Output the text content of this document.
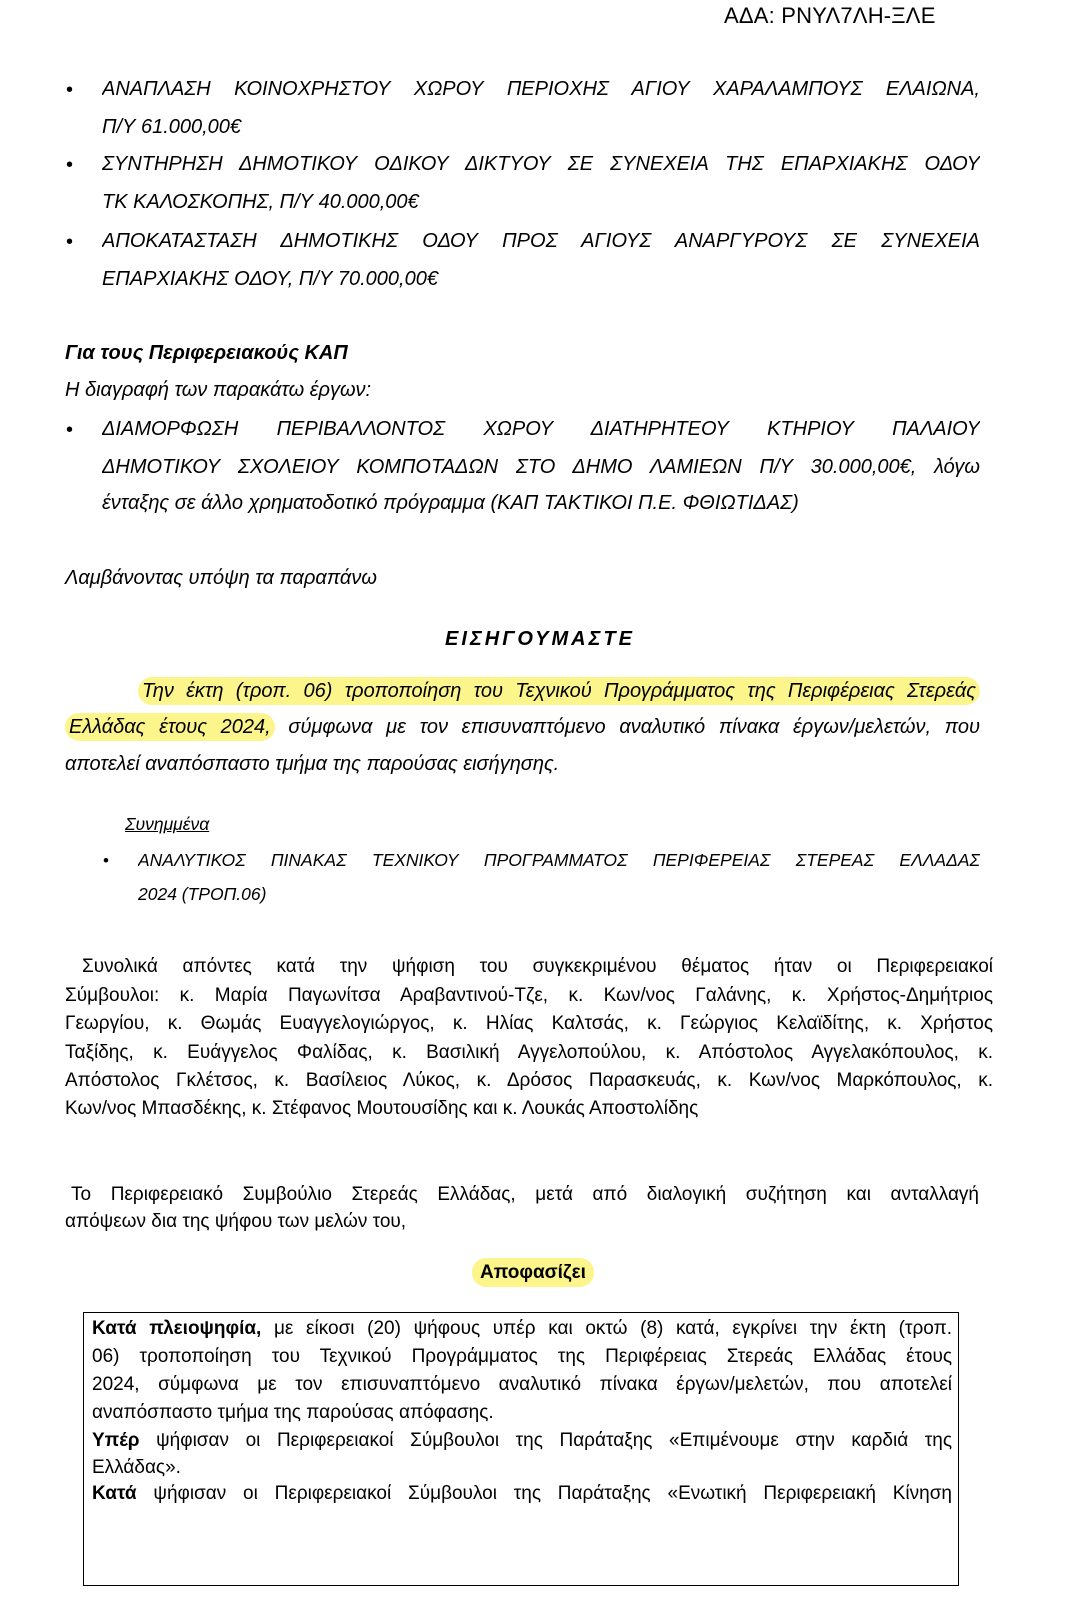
ΑΔΑ: ΡΝΥΛ7ΛΗ-ΞΛΕ
• ΑΝΑΠΛΑΣΗ ΚΟΙΝΟΧΡΗΣΤΟΥ ΧΩΡΟΥ ΠΕΡΙΟΧΗΣ ΑΓΙΟΥ ΧΑΡΑΛΑΜΠΟΥΣ ΕΛΑΙΩΝΑ,
Π/Υ 61.000,00€
• ΣΥΝΤΗΡΗΣΗ ΔΗΜΟΤΙΚΟΥ ΟΔΙΚΟΥ ΔΙΚΤΥΟΥ ΣΕ ΣΥΝΕΧΕΙΑ ΤΗΣ ΕΠΑΡΧΙΑΚΗΣ ΟΔΟΥ
ΤΚ ΚΑΛΟΣΚΟΠΗΣ, Π/Υ 40.000,00€
• ΑΠΟΚΑΤΑΣΤΑΣΗ ΔΗΜΟΤΙΚΗΣ ΟΔΟΥ ΠΡΟΣ ΑΓΙΟΥΣ ΑΝΑΡΓΥΡΟΥΣ ΣΕ ΣΥΝΕΧΕΙΑ
ΕΠΑΡΧΙΑΚΗΣ ΟΔΟΥ, Π/Υ 70.000,00€
Για τους Περιφερειακούς ΚΑΠ
Η διαγραφή των παρακάτω έργων:
• ΔΙΑΜΟΡΦΩΣΗ ΠΕΡΙΒΑΛΛΟΝΤΟΣ ΧΩΡΟΥ ΔΙΑΤΗΡΗΤΕΟΥ ΚΤΗΡΙΟΥ ΠΑΛΑΙΟΥ
ΔΗΜΟΤΙΚΟΥ ΣΧΟΛΕΙΟΥ ΚΟΜΠΟΤΑΔΩΝ ΣΤΟ ΔΗΜΟ ΛΑΜΙΕΩΝ Π/Υ 30.000,00€, λόγω
ένταξης σε άλλο χρηματοδοτικό πρόγραμμα (ΚΑΠ ΤΑΚΤΙΚΟΙ Π.Ε. ΦΘΙΩΤΙΔΑΣ)
Λαμβάνοντας υπόψη τα παραπάνω
ΕΙΣΗΓΟΥΜΑΣΤΕ
Την έκτη (τροπ. 06) τροποποίηση του Τεχνικού Προγράμματος της Περιφέρειας Στερεάς
Ελλάδας έτους 2024, σύμφωνα με τον επισυναπτόμενο αναλυτικό πίνακα έργων/μελετών, που
αποτελεί αναπόσπαστο τμήμα της παρούσας εισήγησης.
Συνημμένα
• ΑΝΑΛΥΤΙΚΟΣ ΠΙΝΑΚΑΣ ΤΕΧΝΙΚΟΥ ΠΡΟΓΡΑΜΜΑΤΟΣ ΠΕΡΙΦΕΡΕΙΑΣ ΣΤΕΡΕΑΣ ΕΛΛΑΔΑΣ
2024 (ΤΡΟΠ.06)
Συνολικά απόντες κατά την ψήφιση του συγκεκριμένου θέματος ήταν οι Περιφερειακοί
Σύμβουλοι: κ. Μαρία Παγωνίτσα Αραβαντινού-Τζε, κ. Κων/νος Γαλάνης, κ. Χρήστος-Δημήτριος
Γεωργίου, κ. Θωμάς Ευαγγελογιώργος, κ. Ηλίας Καλτσάς, κ. Γεώργιος Κελαϊδίτης, κ. Χρήστος
Ταξίδης, κ. Ευάγγελος Φαλίδας, κ. Βασιλική Αγγελοπούλου, κ. Απόστολος Αγγελακόπουλος, κ.
Απόστολος Γκλέτσος, κ. Βασίλειος Λύκος, κ. Δρόσος Παρασκευάς, κ. Κων/νος Μαρκόπουλος, κ.
Κων/νος Μπασδέκης, κ. Στέφανος Μουτουσίδης και κ. Λουκάς Αποστολίδης
Το Περιφερειακό Συμβούλιο Στερεάς Ελλάδας, μετά από διαλογική συζήτηση και ανταλλαγή
απόψεων δια της ψήφου των μελών του,
Αποφασίζει
Κατά πλειοψηφία, με είκοσι (20) ψήφους υπέρ και οκτώ (8) κατά, εγκρίνει την έκτη (τροπ.
06) τροποποίηση του Τεχνικού Προγράμματος της Περιφέρειας Στερεάς Ελλάδας έτους
2024, σύμφωνα με τον επισυναπτόμενο αναλυτικό πίνακα έργων/μελετών, που αποτελεί
αναπόσπαστο τμήμα της παρούσας απόφασης.
Υπέρ ψήφισαν οι Περιφερειακοί Σύμβουλοι της Παράταξης «Επιμένουμε στην καρδιά της
Ελλάδας».
Κατά ψήφισαν οι Περιφερειακοί Σύμβουλοι της Παράταξης «Ενωτική Περιφερειακή Κίνηση
